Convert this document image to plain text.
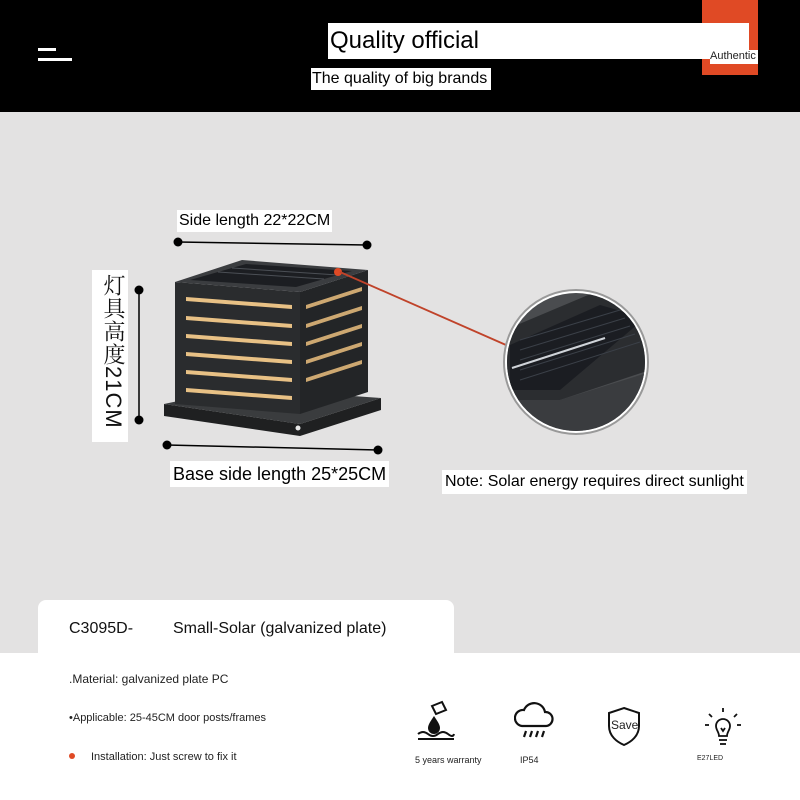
Quality official
Authentic
The quality of big brands
Side length 22*22CM
灯具高度21CM
Base side length 25*25CM	Note: Solar energy requires direct sunlight
C3095D- Small-Solar (galvanized plate)
.Material: galvanized plate PC
•Applicable: 25-45CM door posts/frames
Installation: Just screw to fix it	5 years warranty	IP54
Save
E27LED
